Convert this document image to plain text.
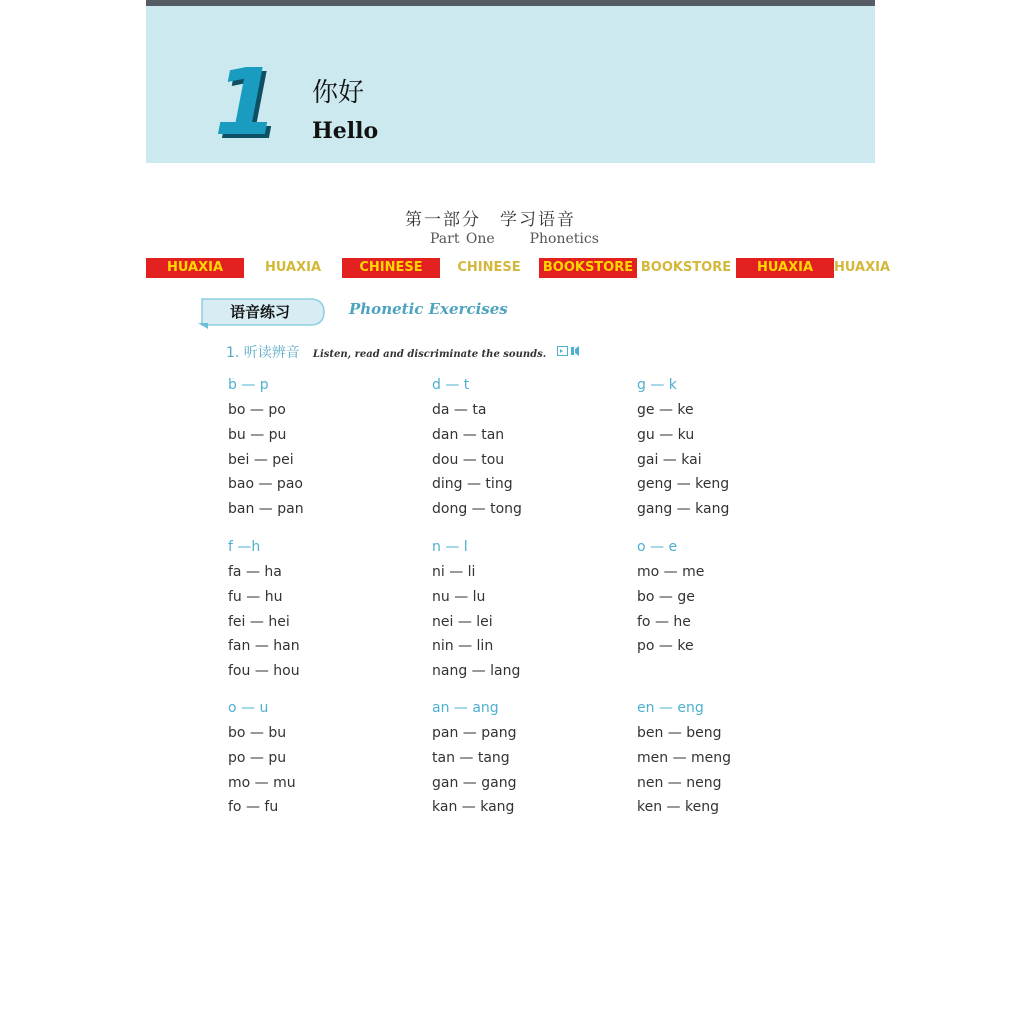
1 你好
Hello
第一部分　学习语音
Part One Phonetics
HUAXIA	HUAXIA	CHINESE	CHINESE	BOOKSTORE BOOKSTORE	HUAXIA	HUAXIA
语音练习	Phonetic Exercises
1. 听读辨音 Listen, read and discriminate the sounds.
b — p
bo — po
bu — pu
bei — pei
bao — pao
ban — pan
d — t
da — ta
dan — tan
dou — tou
ding — ting
dong — tong
g — k
ge — ke
gu — ku
gai — kai
geng — keng
gang — kang
f —h
fa — ha
fu — hu
fei — hei
fan — han
fou — hou
n — l
ni — li
nu — lu
nei — lei
nin — lin
nang — lang
o — e
mo — me
bo — ge
fo — he
po — ke
o — u
bo — bu
po — pu
mo — mu
fo — fu
an — ang
pan — pang
tan — tang
gan — gang
kan — kang
en — eng
ben — beng
men — meng
nen — neng
ken — keng
